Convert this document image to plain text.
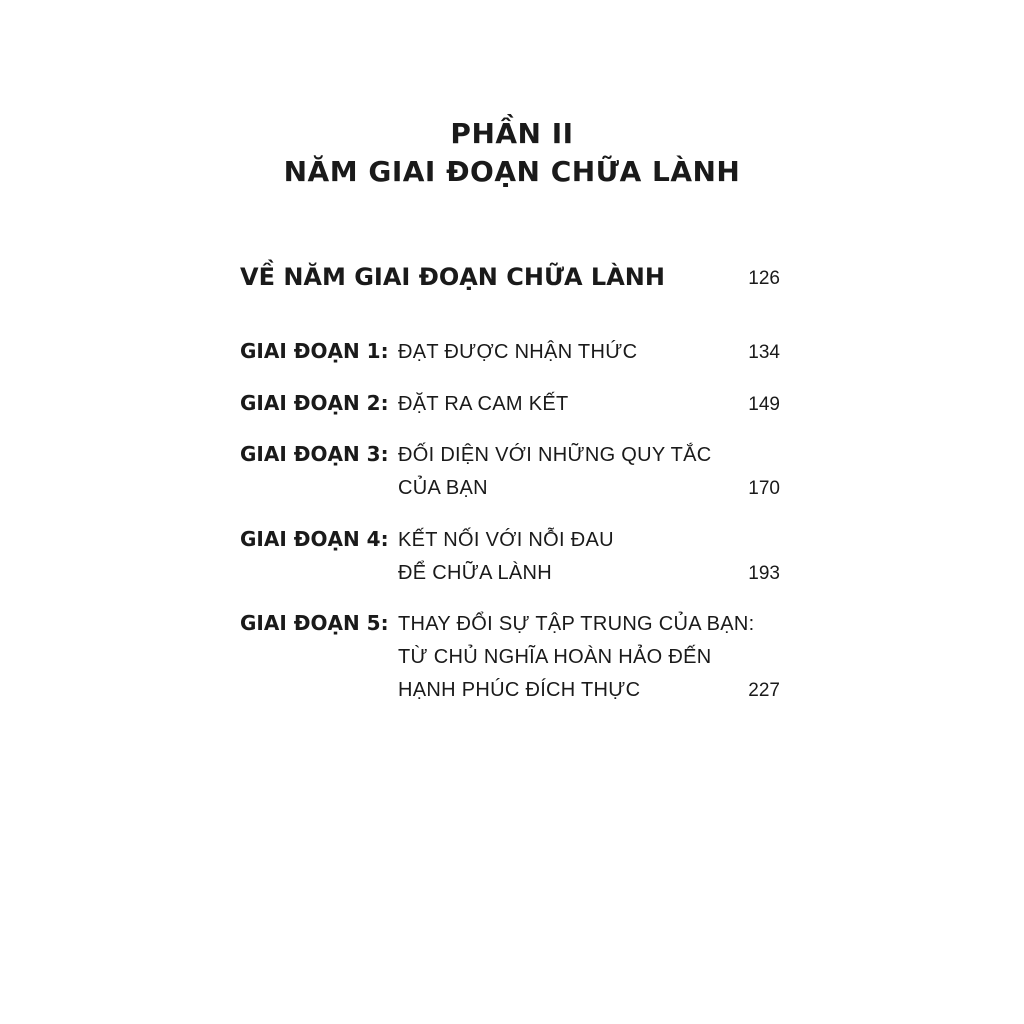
PHẦN II
NĂM GIAI ĐOẠN CHỮA LÀNH
VỀ NĂM GIAI ĐOẠN CHỮA LÀNH	126
GIAI ĐOẠN 1: ĐẠT ĐƯỢC NHẬN THỨC	134
GIAI ĐOẠN 2: ĐẶT RA CAM KẾT	149
GIAI ĐOẠN 3: ĐỐI DIỆN VỚI NHỮNG QUY TẮC
CỦA BẠN	170
GIAI ĐOẠN 4: KẾT NỐI VỚI NỖI ĐAU
ĐỂ CHỮA LÀNH	193
GIAI ĐOẠN 5: THAY ĐỔI SỰ TẬP TRUNG CỦA BẠN:
TỪ CHỦ NGHĨA HOÀN HẢO ĐẾN
HẠNH PHÚC ĐÍCH THỰC	227
